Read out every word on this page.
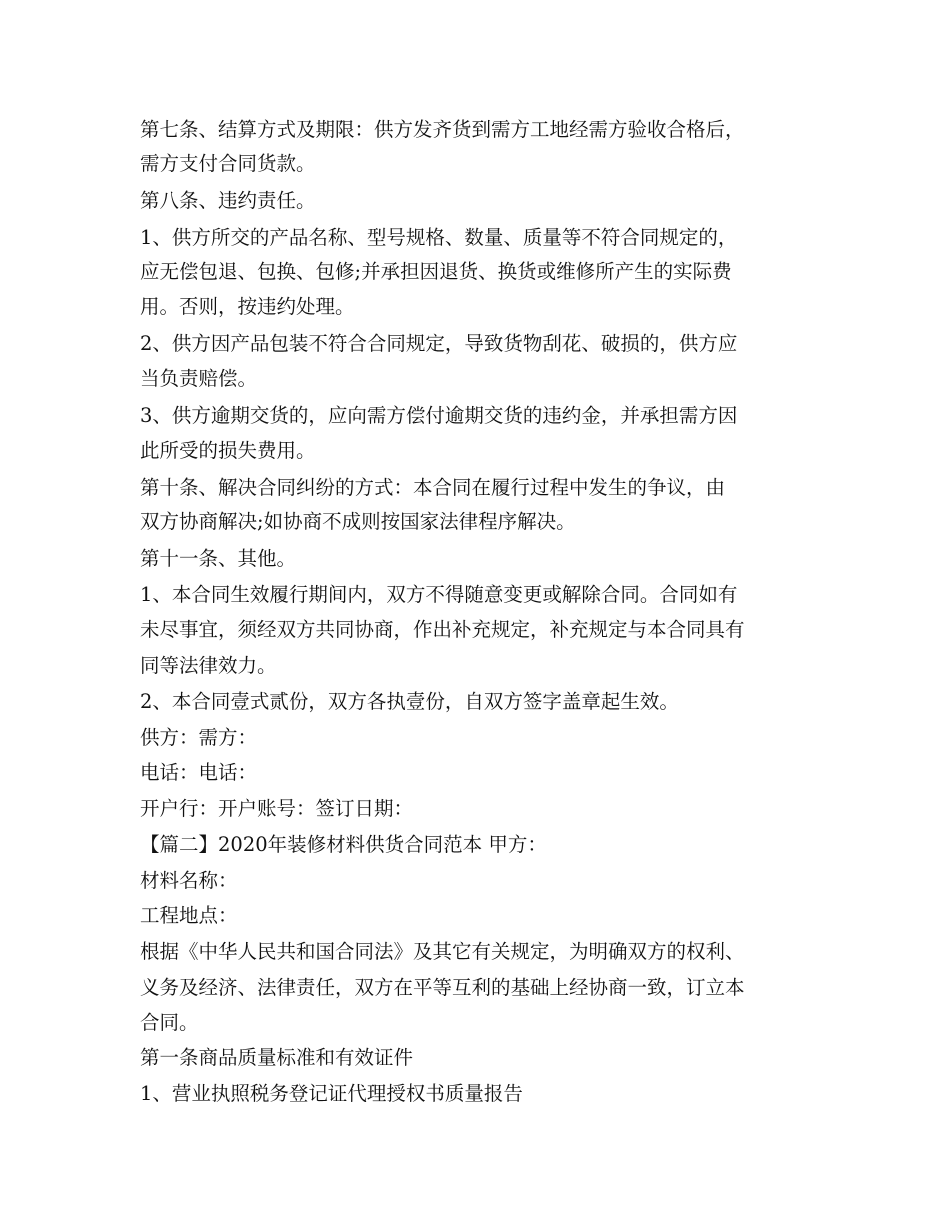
第七条、结算方式及期限：供方发齐货到需方工地经需方验收合格后，
需方支付合同货款。
第八条、违约责任。
1、供方所交的产品名称、型号规格、数量、质量等不符合同规定的，
应无偿包退、包换、包修;并承担因退货、换货或维修所产生的实际费
用。否则，按违约处理。
2、供方因产品包装不符合合同规定，导致货物刮花、破损的，供方应
当负责赔偿。
3、供方逾期交货的，应向需方偿付逾期交货的违约金，并承担需方因
此所受的损失费用。
第十条、解决合同纠纷的方式：本合同在履行过程中发生的争议，由
双方协商解决;如协商不成则按国家法律程序解决。
第十一条、其他。
1、本合同生效履行期间内，双方不得随意变更或解除合同。合同如有
未尽事宜，须经双方共同协商，作出补充规定，补充规定与本合同具有
同等法律效力。
2、本合同壹式贰份，双方各执壹份，自双方签字盖章起生效。
供方：需方：
电话：电话：
开户行：开户账号：签订日期：
【篇二】2020年装修材料供货合同范本 甲方：
材料名称：
工程地点：
根据《中华人民共和国合同法》及其它有关规定，为明确双方的权利、
义务及经济、法律责任，双方在平等互利的基础上经协商一致，订立本
合同。
第一条商品质量标准和有效证件
1、营业执照税务登记证代理授权书质量报告
